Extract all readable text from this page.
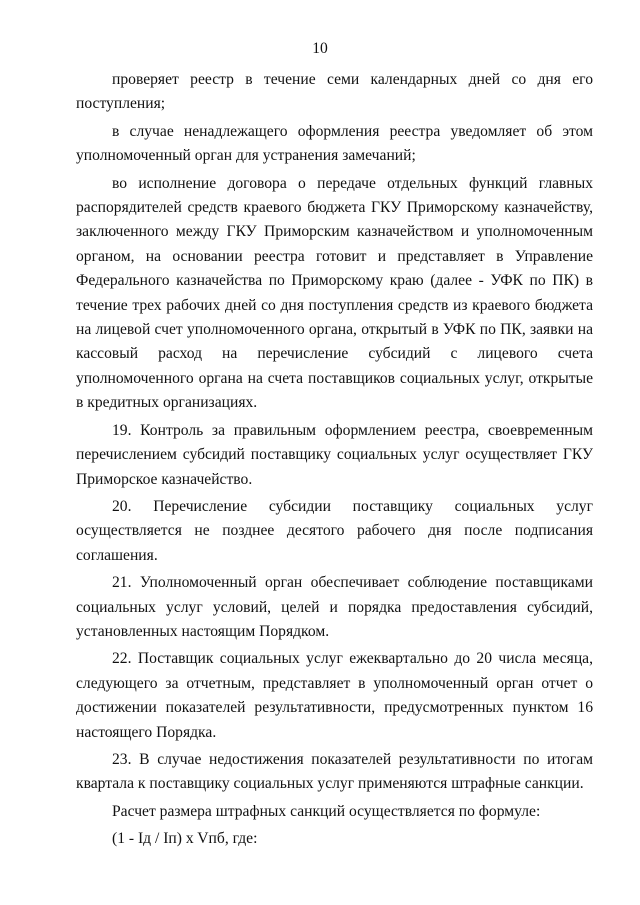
10

проверяет реестр в течение семи календарных дней со дня его поступления;

в случае ненадлежащего оформления реестра уведомляет об этом уполномоченный орган для устранения замечаний;

во исполнение договора о передаче отдельных функций главных распорядителей средств краевого бюджета ГКУ Приморскому казначейству, заключенного между ГКУ Приморским казначейством и уполномоченным органом, на основании реестра готовит и представляет в Управление Федерального казначейства по Приморскому краю (далее - УФК по ПК) в течение трех рабочих дней со дня поступления средств из краевого бюджета на лицевой счет уполномоченного органа, открытый в УФК по ПК, заявки на кассовый расход на перечисление субсидий с лицевого счета уполномоченного органа на счета поставщиков социальных услуг, открытые в кредитных организациях.

19. Контроль за правильным оформлением реестра, своевременным перечислением субсидий поставщику социальных услуг осуществляет ГКУ Приморское казначейство.

20. Перечисление субсидии поставщику социальных услуг осуществляется не позднее десятого рабочего дня после подписания соглашения.

21. Уполномоченный орган обеспечивает соблюдение поставщиками социальных услуг условий, целей и порядка предоставления субсидий, установленных настоящим Порядком.

22. Поставщик социальных услуг ежеквартально до 20 числа месяца, следующего за отчетным, представляет в уполномоченный орган отчет о достижении показателей результативности, предусмотренных пунктом 16 настоящего Порядка.

23. В случае недостижения показателей результативности по итогам квартала к поставщику социальных услуг применяются штрафные санкции.

Расчет размера штрафных санкций осуществляется по формуле:

(1 - Iд / Iп) x Vпб, где:
